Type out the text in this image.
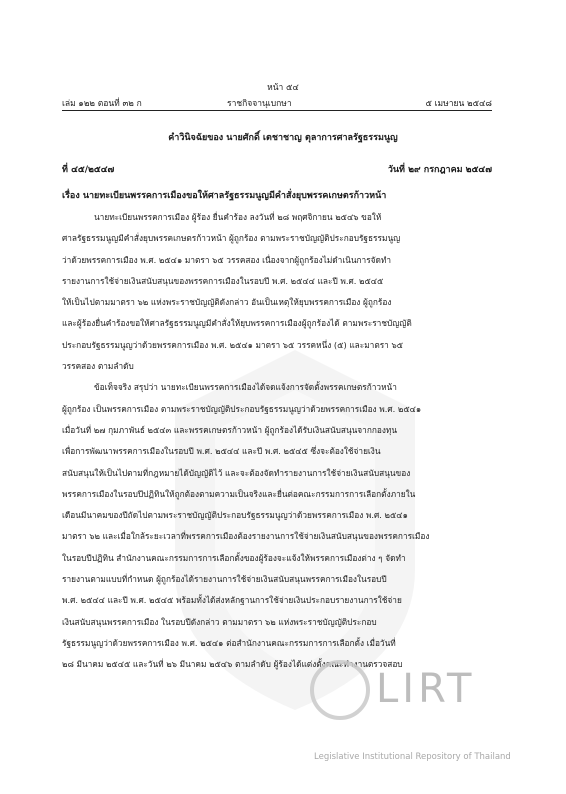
หน้า ๕๔
เล่ม ๑๒๒ ตอนที่ ๓๒ ก	ราชกิจจานุเบกษา	๕ เมษายน ๒๕๔๘
คำวินิจฉัยของ นายศักดิ์ เตชาชาญ ตุลาการศาลรัฐธรรมนูญ
ที่ ๔๕/๒๕๔๗	วันที่ ๒๙ กรกฎาคม ๒๕๔๗
เรื่อง นายทะเบียนพรรคการเมืองขอให้ศาลรัฐธรรมนูญมีคำสั่งยุบพรรคเกษตรก้าวหน้า
นายทะเบียนพรรคการเมือง ผู้ร้อง ยื่นคำร้อง ลงวันที่ ๒๘ พฤศจิกายน ๒๕๔๖ ขอให้
ศาลรัฐธรรมนูญมีคำสั่งยุบพรรคเกษตรก้าวหน้า ผู้ถูกร้อง ตามพระราชบัญญัติประกอบรัฐธรรมนูญ
ว่าด้วยพรรคการเมือง พ.ศ. ๒๕๔๑ มาตรา ๖๕ วรรคสอง เนื่องจากผู้ถูกร้องไม่ดำเนินการจัดทำ
รายงานการใช้จ่ายเงินสนับสนุนของพรรคการเมืองในรอบปี พ.ศ. ๒๕๔๔ และปี พ.ศ. ๒๕๔๕
ให้เป็นไปตามมาตรา ๖๒ แห่งพระราชบัญญัติดังกล่าว อันเป็นเหตุให้ยุบพรรคการเมือง ผู้ถูกร้อง
และผู้ร้องยื่นคำร้องขอให้ศาลรัฐธรรมนูญมีคำสั่งให้ยุบพรรคการเมืองผู้ถูกร้องได้ ตามพระราชบัญญัติ
ประกอบรัฐธรรมนูญว่าด้วยพรรคการเมือง พ.ศ. ๒๕๔๑ มาตรา ๖๕ วรรคหนึ่ง (๕) และมาตรา ๖๕
วรรคสอง ตามลำดับ
ข้อเท็จจริง สรุปว่า นายทะเบียนพรรคการเมืองได้จดแจ้งการจัดตั้งพรรคเกษตรก้าวหน้า
ผู้ถูกร้อง เป็นพรรคการเมือง ตามพระราชบัญญัติประกอบรัฐธรรมนูญว่าด้วยพรรคการเมือง พ.ศ. ๒๕๔๑
เมื่อวันที่ ๒๗ กุมภาพันธ์ ๒๕๔๓ และพรรคเกษตรก้าวหน้า ผู้ถูกร้องได้รับเงินสนับสนุนจากกองทุน
เพื่อการพัฒนาพรรคการเมืองในรอบปี พ.ศ. ๒๕๔๔ และปี พ.ศ. ๒๕๔๕ ซึ่งจะต้องใช้จ่ายเงิน
สนับสนุนให้เป็นไปตามที่กฎหมายได้บัญญัติไว้ และจะต้องจัดทำรายงานการใช้จ่ายเงินสนับสนุนของ
พรรคการเมืองในรอบปีปฏิทินให้ถูกต้องตามความเป็นจริงและยื่นต่อคณะกรรมการการเลือกตั้งภายใน
เดือนมีนาคมของปีถัดไปตามพระราชบัญญัติประกอบรัฐธรรมนูญว่าด้วยพรรคการเมือง พ.ศ. ๒๕๔๑
มาตรา ๖๒ และเมื่อใกล้ระยะเวลาที่พรรคการเมืองต้องรายงานการใช้จ่ายเงินสนับสนุนของพรรคการเมือง
ในรอบปีปฏิทิน สำนักงานคณะกรรมการการเลือกตั้งของผู้ร้องจะแจ้งให้พรรคการเมืองต่าง ๆ จัดทำ
รายงานตามแบบที่กำหนด ผู้ถูกร้องได้รายงานการใช้จ่ายเงินสนับสนุนพรรคการเมืองในรอบปี
พ.ศ. ๒๕๔๔ และปี พ.ศ. ๒๕๔๕ พร้อมทั้งได้ส่งหลักฐานการใช้จ่ายเงินประกอบรายงานการใช้จ่าย
เงินสนับสนุนพรรคการเมือง ในรอบปีดังกล่าว ตามมาตรา ๖๒ แห่งพระราชบัญญัติประกอบ
รัฐธรรมนูญว่าด้วยพรรคการเมือง พ.ศ. ๒๕๔๑ ต่อสำนักงานคณะกรรมการการเลือกตั้ง เมื่อวันที่
๒๘ มีนาคม ๒๕๔๕ และวันที่ ๒๖ มีนาคม ๒๕๔๖ ตามลำดับ ผู้ร้องได้แต่งตั้งคณะทำงานตรวจสอบ
LIRT
Legislative Institutional Repository of Thailand
